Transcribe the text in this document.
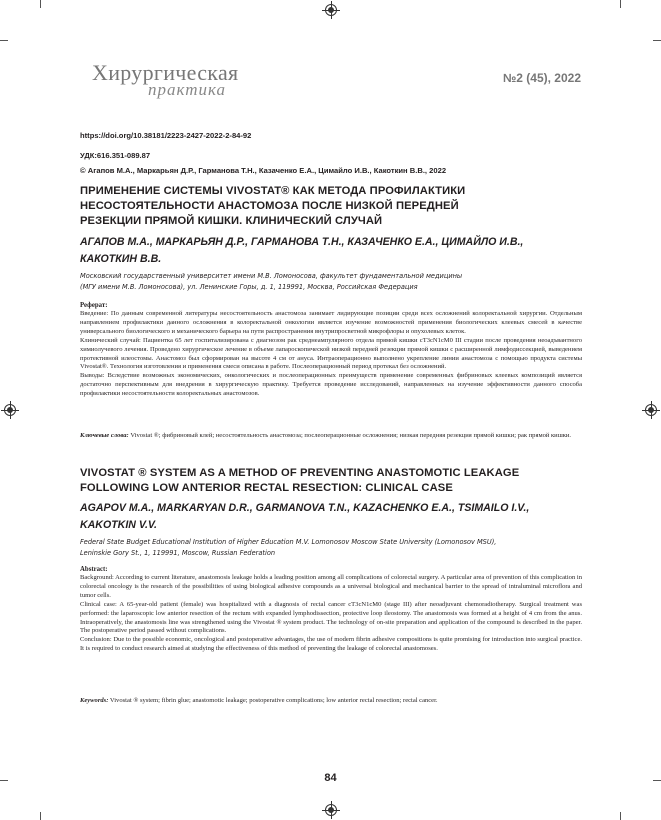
Хирургическая
практика
№2 (45), 2022
https://doi.org/10.38181/2223-2427-2022-2-84-92
УДК:616.351-089.87
© Агапов М.А., Маркарьян Д.Р., Гарманова Т.Н., Казаченко Е.А., Цимайло И.В., Какоткин В.В., 2022
ПРИМЕНЕНИЕ СИСТЕМЫ VIVOSTAT® КАК МЕТОДА ПРОФИЛАКТИКИ
НЕСОСТОЯТЕЛЬНОСТИ АНАСТОМОЗА ПОСЛЕ НИЗКОЙ ПЕРЕДНЕЙ
РЕЗЕКЦИИ ПРЯМОЙ КИШКИ. КЛИНИЧЕСКИЙ СЛУЧАЙ
АГАПОВ М.А., МАРКАРЬЯН Д.Р., ГАРМАНОВА Т.Н., КАЗАЧЕНКО Е.А., ЦИМАЙЛО И.В.,
КАКОТКИН В.В.
Московский государственный университет имени М.В. Ломоносова, факультет фундаментальной медицины
(МГУ имени М.В. Ломоносова), ул. Ленинские Горы, д. 1, 119991, Москва, Российская Федерация
Реферат:

Введение: По данным современной литературы несостоятельность анастомоза занимает лидирующие позиции среди всех осложнений колоректальной хирургии. Отдельным направлением профилактики данного осложнения в колоректальной онкологии является изучение возможностей применения биологических клеевых смесей в качестве универсального биологического и механического барьера на пути распространения внутрипросветной микрофлоры и опухолевых клеток.

Клинический случай: Пациентка 65 лет госпитализирована с диагнозом рак среднеампулярного отдела прямой кишки сТ3сN1сM0 III стадии после проведения неоадъвантного химиолучевого лечения. Проведено хирургическое лечение в объеме лапароскопической низкой передней резекции прямой кишки с расширенной лимфодиссекцией, выведением протективной илеостомы. Анастомоз был сформирован на высоте 4 см от ануса. Интраоперационно выполнено укрепление линии анастомоза с помощью продукта системы Vivostat®. Технология изготовления и применения смеси описана в работе. Послеоперационный период протекал без осложнений.

Выводы: Вследствие возможных экономических, онкологических и послеоперационных преимуществ применение современных фибриновых клеевых композиций является достаточно перспективным для внедрения в хирургическую практику. Требуется проведение исследований, направленных на изучение эффективности данного способа профилактики несостоятельности колоректальных анастомозов.

Ключевые слова: Vivostat ®; фибриновый клей; несостоятельность анастомоза; послеоперационные осложнения; низкая передняя резекция прямой кишки; рак прямой кишки.
VIVOSTAT ® SYSTEM AS A METHOD OF PREVENTING ANASTOMOTIC LEAKAGE
FOLLOWING LOW ANTERIOR RECTAL RESECTION: CLINICAL CASE
AGAPOV M.A., MARKARYAN D.R., GARMANOVA T.N., KAZACHENKO E.A., TSIMAILO I.V.,
KAKOTKIN V.V.
Federal State Budget Educational Institution of Higher Education M.V. Lomonosov Moscow State University (Lomonosov MSU),
Leninskie Gory St., 1, 119991, Moscow, Russian Federation
Abstract:

Background: According to current literature, anastomosis leakage holds a leading position among all complications of colorectal surgery. A particular area of prevention of this complication in colorectal oncology is the research of the possibilities of using biological adhesive compounds as a universal biological and mechanical barrier to the spread of intraluminal microflora and tumor cells.

Clinical case: A 65-year-old patient (female) was hospitalized with a diagnosis of rectal cancer cT3cN1cM0 (stage III) after neoadjuvant chemoradiotherapy. Surgical treatment was performed: the laparoscopic low anterior resection of the rectum with expanded lymphodissection, protective loop ileostomy. The anastomosis was formed at a height of 4 cm from the anus. Intraoperatively, the anastomosis line was strengthened using the Vivostat ® system product. The technology of on-site preparation and application of the compound is described in the paper. The postoperative period passed without complications.

Conclusion: Due to the possible economic, oncological and postoperative advantages, the use of modern fibrin adhesive compositions is quite promising for introduction into surgical practice. It is required to conduct research aimed at studying the effectiveness of this method of preventing the leakage of colorectal anastomoses.

Keywords: Vivostat ® system; fibrin glue; anastomotic leakage; postoperative complications; low anterior rectal resection; rectal cancer.
84
